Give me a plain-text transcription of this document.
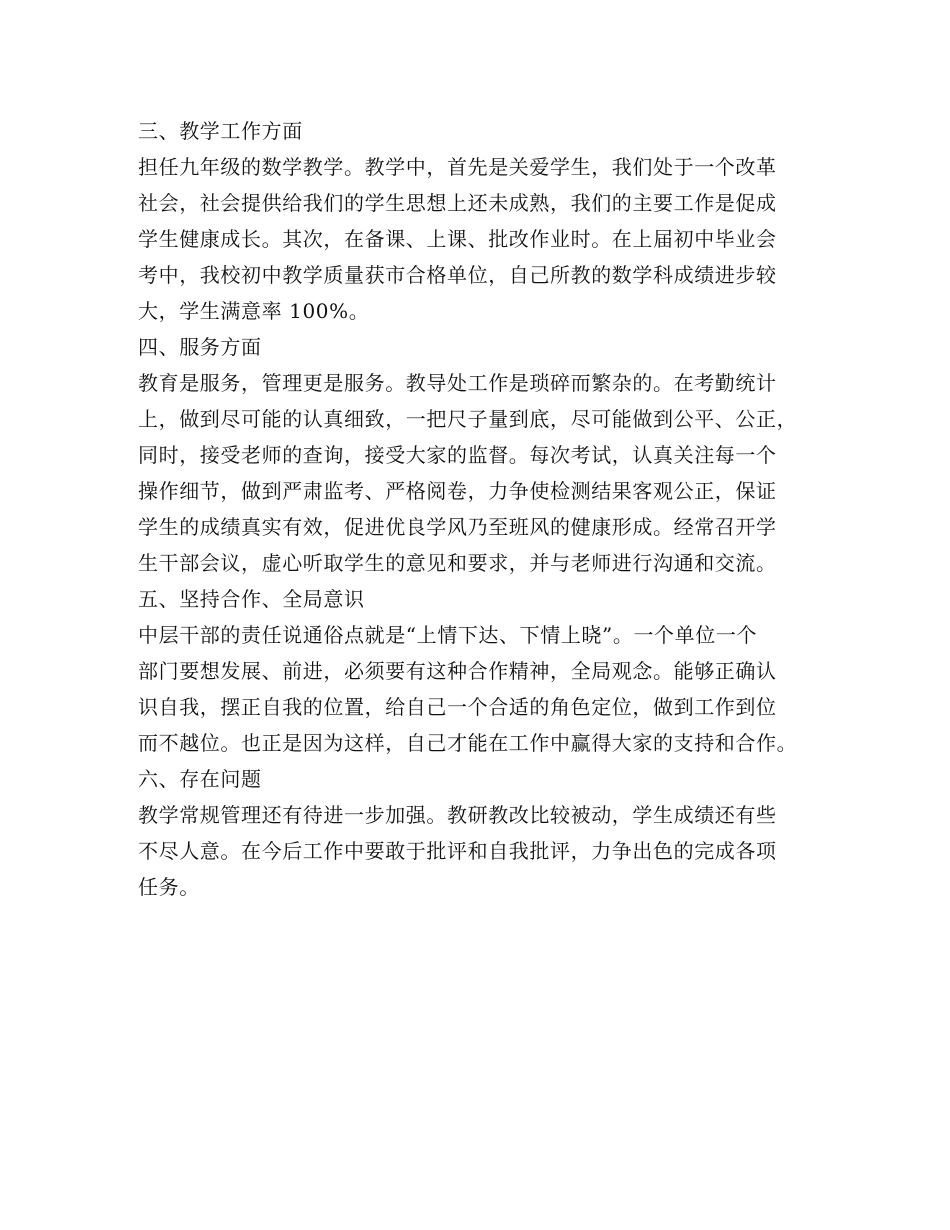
三、教学工作方面
担任九年级的数学教学。教学中，首先是关爱学生，我们处于一个改革
社会，社会提供给我们的学生思想上还未成熟，我们的主要工作是促成
学生健康成长。其次，在备课、上课、批改作业时。在上届初中毕业会
考中，我校初中教学质量获市合格单位，自己所教的数学科成绩进步较
大，学生满意率 100%。
四、服务方面
教育是服务，管理更是服务。教导处工作是琐碎而繁杂的。在考勤统计
上，做到尽可能的认真细致，一把尺子量到底，尽可能做到公平、公正，
同时，接受老师的查询，接受大家的监督。每次考试，认真关注每一个
操作细节，做到严肃监考、严格阅卷，力争使检测结果客观公正，保证
学生的成绩真实有效，促进优良学风乃至班风的健康形成。经常召开学
生干部会议，虚心听取学生的意见和要求，并与老师进行沟通和交流。
五、坚持合作、全局意识
中层干部的责任说通俗点就是“上情下达、下情上晓”。一个单位一个
部门要想发展、前进，必须要有这种合作精神，全局观念。能够正确认
识自我，摆正自我的位置，给自己一个合适的角色定位，做到工作到位
而不越位。也正是因为这样，自己才能在工作中赢得大家的支持和合作。
六、存在问题
教学常规管理还有待进一步加强。教研教改比较被动，学生成绩还有些
不尽人意。在今后工作中要敢于批评和自我批评，力争出色的完成各项
任务。
